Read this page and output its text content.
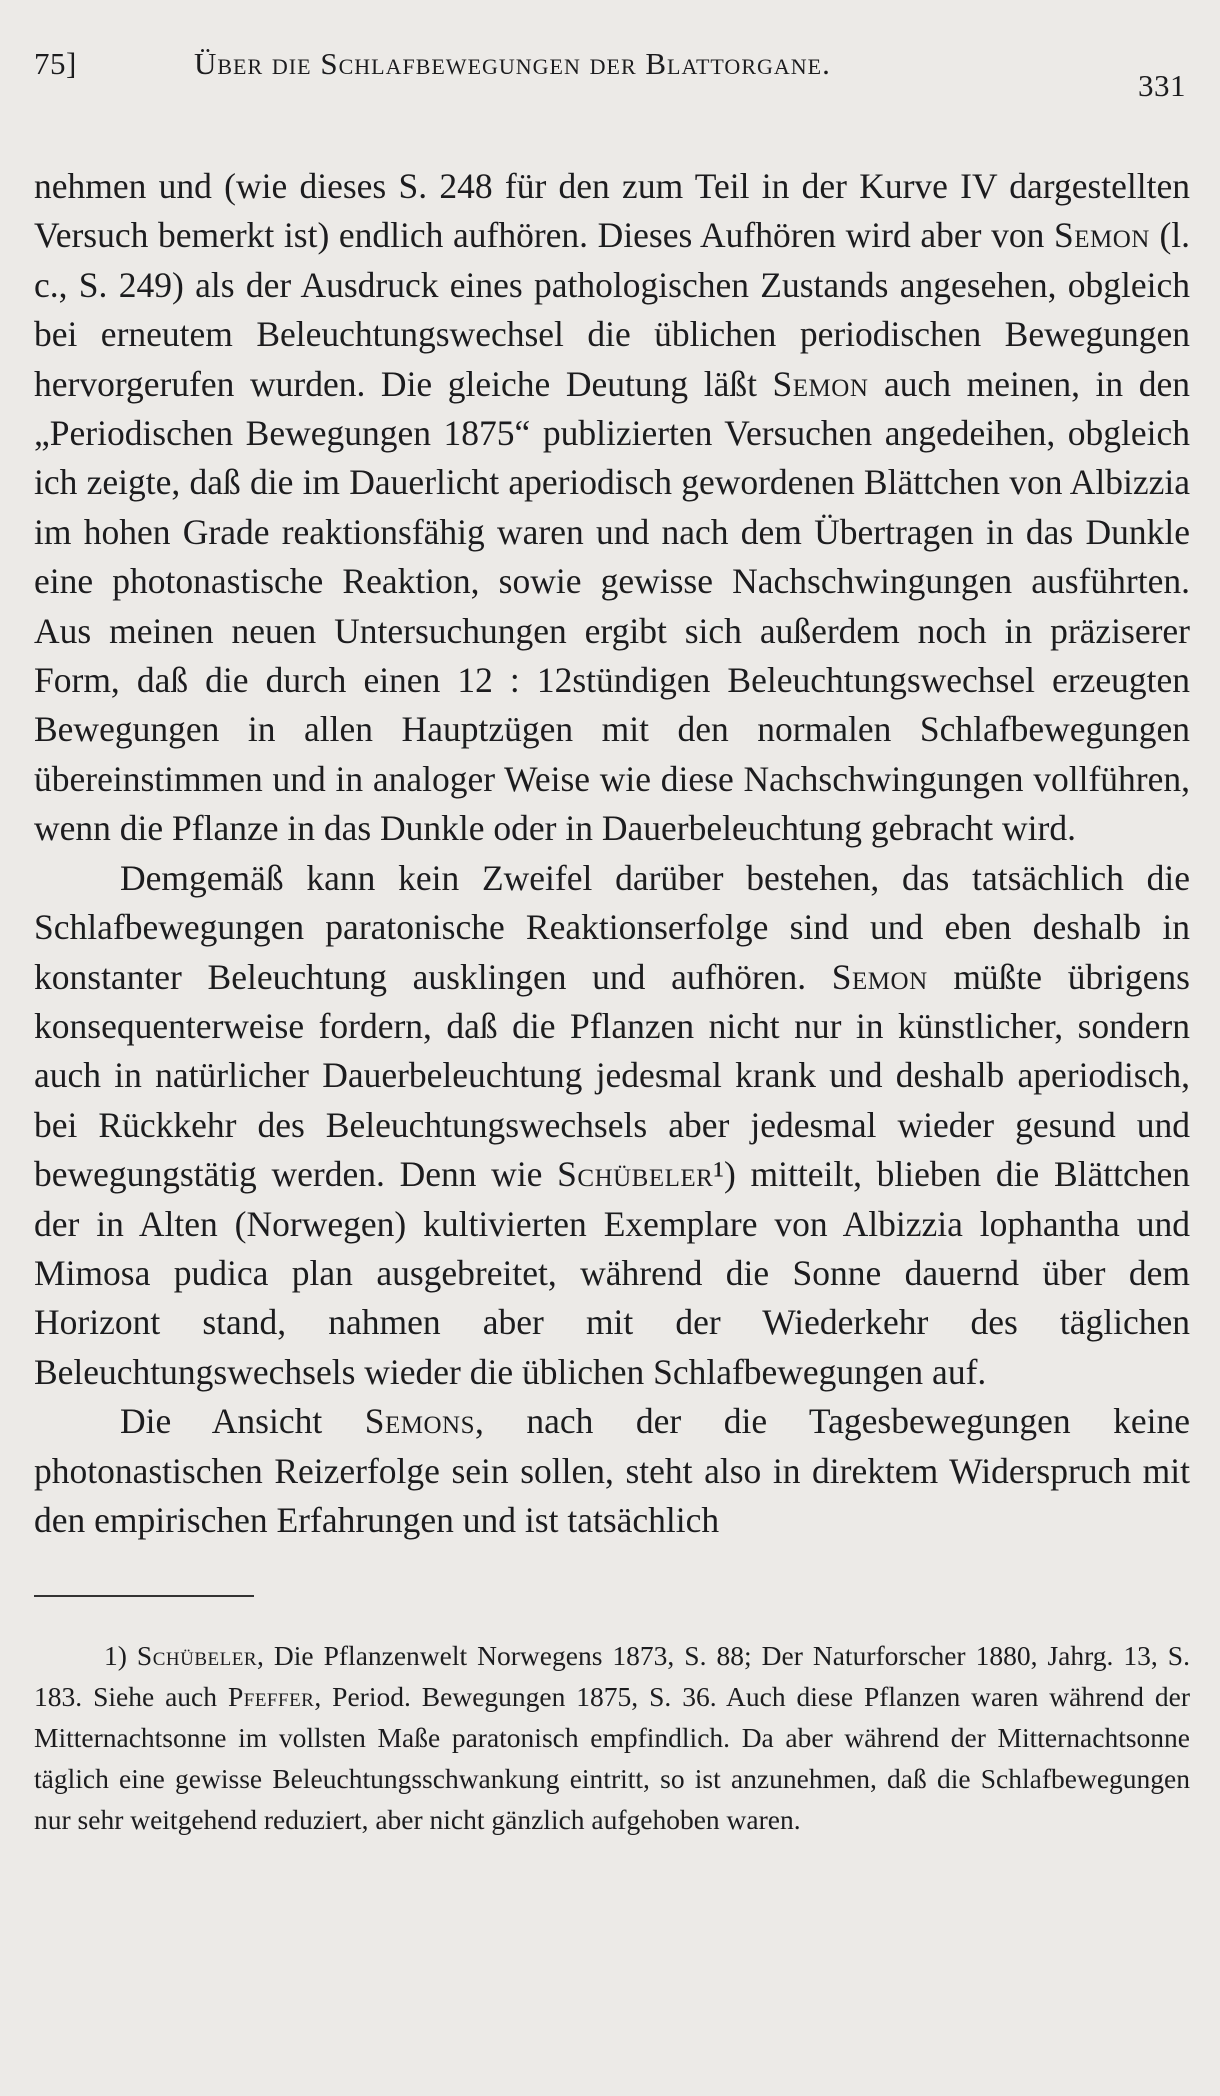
75]	Über die Schlafbewegungen der Blattorgane.
331

nehmen und (wie dieses S. 248 für den zum Teil in der Kurve IV dargestellten Versuch bemerkt ist) endlich aufhören. Dieses Aufhören wird aber von Semon (l. c., S. 249) als der Ausdruck eines pathologischen Zustands angesehen, obgleich bei erneutem Beleuchtungswechsel die üblichen periodischen Bewegungen hervorgerufen wurden. Die gleiche Deutung läßt Semon auch meinen, in den „Periodischen Bewegungen 1875“ publizierten Versuchen angedeihen, obgleich ich zeigte, daß die im Dauerlicht aperiodisch gewordenen Blättchen von Albizzia im hohen Grade reaktionsfähig waren und nach dem Übertragen in das Dunkle eine photonastische Reaktion, sowie gewisse Nachschwingungen ausführten. Aus meinen neuen Untersuchungen ergibt sich außerdem noch in präziserer Form, daß die durch einen 12 : 12stündigen Beleuchtungswechsel erzeugten Bewegungen in allen Hauptzügen mit den normalen Schlafbewegungen übereinstimmen und in analoger Weise wie diese Nachschwingungen vollführen, wenn die Pflanze in das Dunkle oder in Dauerbeleuchtung gebracht wird.

Demgemäß kann kein Zweifel darüber bestehen, das tatsächlich die Schlafbewegungen paratonische Reaktionserfolge sind und eben deshalb in konstanter Beleuchtung ausklingen und aufhören. Semon müßte übrigens konsequenterweise fordern, daß die Pflanzen nicht nur in künstlicher, sondern auch in natürlicher Dauerbeleuchtung jedesmal krank und deshalb aperiodisch, bei Rückkehr des Beleuchtungswechsels aber jedesmal wieder gesund und bewegungstätig werden. Denn wie Schübeler¹) mitteilt, blieben die Blättchen der in Alten (Norwegen) kultivierten Exemplare von Albizzia lophantha und Mimosa pudica plan ausgebreitet, während die Sonne dauernd über dem Horizont stand, nahmen aber mit der Wiederkehr des täglichen Beleuchtungswechsels wieder die üblichen Schlafbewegungen auf.

Die Ansicht Semons, nach der die Tagesbewegungen keine photonastischen Reizerfolge sein sollen, steht also in direktem Widerspruch mit den empirischen Erfahrungen und ist tatsächlich

1) Schübeler, Die Pflanzenwelt Norwegens 1873, S. 88; Der Naturforscher 1880, Jahrg. 13, S. 183. Siehe auch Pfeffer, Period. Bewegungen 1875, S. 36. Auch diese Pflanzen waren während der Mitternachtsonne im vollsten Maße paratonisch empfindlich. Da aber während der Mitternachtsonne täglich eine gewisse Beleuchtungsschwankung eintritt, so ist anzunehmen, daß die Schlafbewegungen nur sehr weitgehend reduziert, aber nicht gänzlich aufgehoben waren.
